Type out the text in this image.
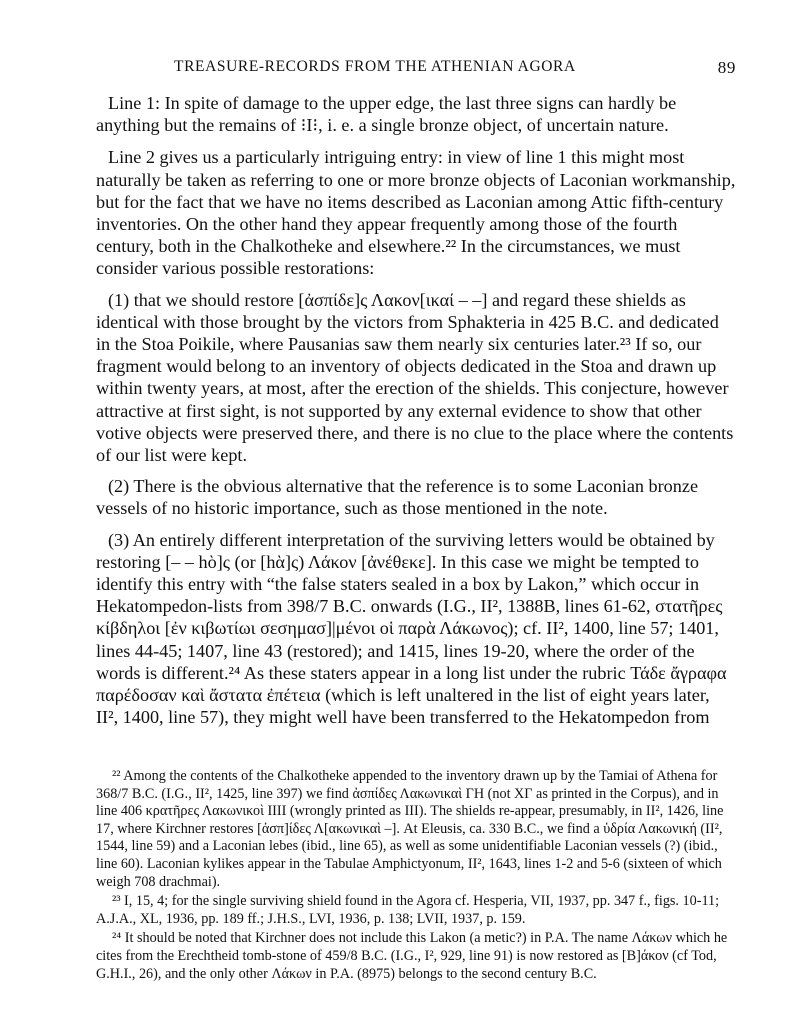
TREASURE-RECORDS FROM THE ATHENIAN AGORA	89

Line 1: In spite of damage to the upper edge, the last three signs can hardly be anything but the remains of ⁝Ι⁝, i. e. a single bronze object, of uncertain nature.

Line 2 gives us a particularly intriguing entry: in view of line 1 this might most naturally be taken as referring to one or more bronze objects of Laconian workmanship, but for the fact that we have no items described as Laconian among Attic fifth-century inventories. On the other hand they appear frequently among those of the fourth century, both in the Chalkotheke and elsewhere.²² In the circumstances, we must consider various possible restorations:

(1) that we should restore [ἀσπίδε]ς Λακον[ικαί – –] and regard these shields as identical with those brought by the victors from Sphakteria in 425 B.C. and dedicated in the Stoa Poikile, where Pausanias saw them nearly six centuries later.²³ If so, our fragment would belong to an inventory of objects dedicated in the Stoa and drawn up within twenty years, at most, after the erection of the shields. This conjecture, however attractive at first sight, is not supported by any external evidence to show that other votive objects were preserved there, and there is no clue to the place where the contents of our list were kept.

(2) There is the obvious alternative that the reference is to some Laconian bronze vessels of no historic importance, such as those mentioned in the note.

(3) An entirely different interpretation of the surviving letters would be obtained by restoring [– – hὸ]ς (or [hὰ]ς) Λάκον [ἀνέθεκε]. In this case we might be tempted to identify this entry with “the false staters sealed in a box by Lakon,” which occur in Hekatompedon-lists from 398/7 B.C. onwards (I.G., II², 1388B, lines 61-62, στατῆρες κίβδηλοι [ἐν κιβωτίωι σεσημασ]|μένοι οἱ παρὰ Λάκωνος); cf. II², 1400, line 57; 1401, lines 44-45; 1407, line 43 (restored); and 1415, lines 19-20, where the order of the words is different.²⁴ As these staters appear in a long list under the rubric Τάδε ἄγραφα παρέδοσαν καὶ ἄστατα ἐπέτεια (which is left unaltered in the list of eight years later, II², 1400, line 57), they might well have been transferred to the Hekatompedon from

²² Among the contents of the Chalkotheke appended to the inventory drawn up by the Tamiai of Athena for 368/7 B.C. (I.G., II², 1425, line 397) we find ἀσπίδες Λακωνικαὶ ΓΗ (not XΓ as printed in the Corpus), and in line 406 κρατῆρες Λακωνικοὶ IIII (wrongly printed as III). The shields re-appear, presumably, in II², 1426, line 17, where Kirchner restores [ἀσπ]ίδες Λ[ακωνικαὶ –]. At Eleusis, ca. 330 B.C., we find a ὑδρία Λακωνική (II², 1544, line 59) and a Laconian lebes (ibid., line 65), as well as some unidentifiable Laconian vessels (?) (ibid., line 60). Laconian kylikes appear in the Tabulae Amphictyonum, II², 1643, lines 1-2 and 5-6 (sixteen of which weigh 708 drachmai).

²³ I, 15, 4; for the single surviving shield found in the Agora cf. Hesperia, VII, 1937, pp. 347 f., figs. 10-11; A.J.A., XL, 1936, pp. 189 ff.; J.H.S., LVI, 1936, p. 138; LVII, 1937, p. 159.

²⁴ It should be noted that Kirchner does not include this Lakon (a metic?) in P.A. The name Λάκων which he cites from the Erechtheid tomb-stone of 459/8 B.C. (I.G., I², 929, line 91) is now restored as [Β]άκον (cf Tod, G.H.I., 26), and the only other Λάκων in P.A. (8975) belongs to the second century B.C.
